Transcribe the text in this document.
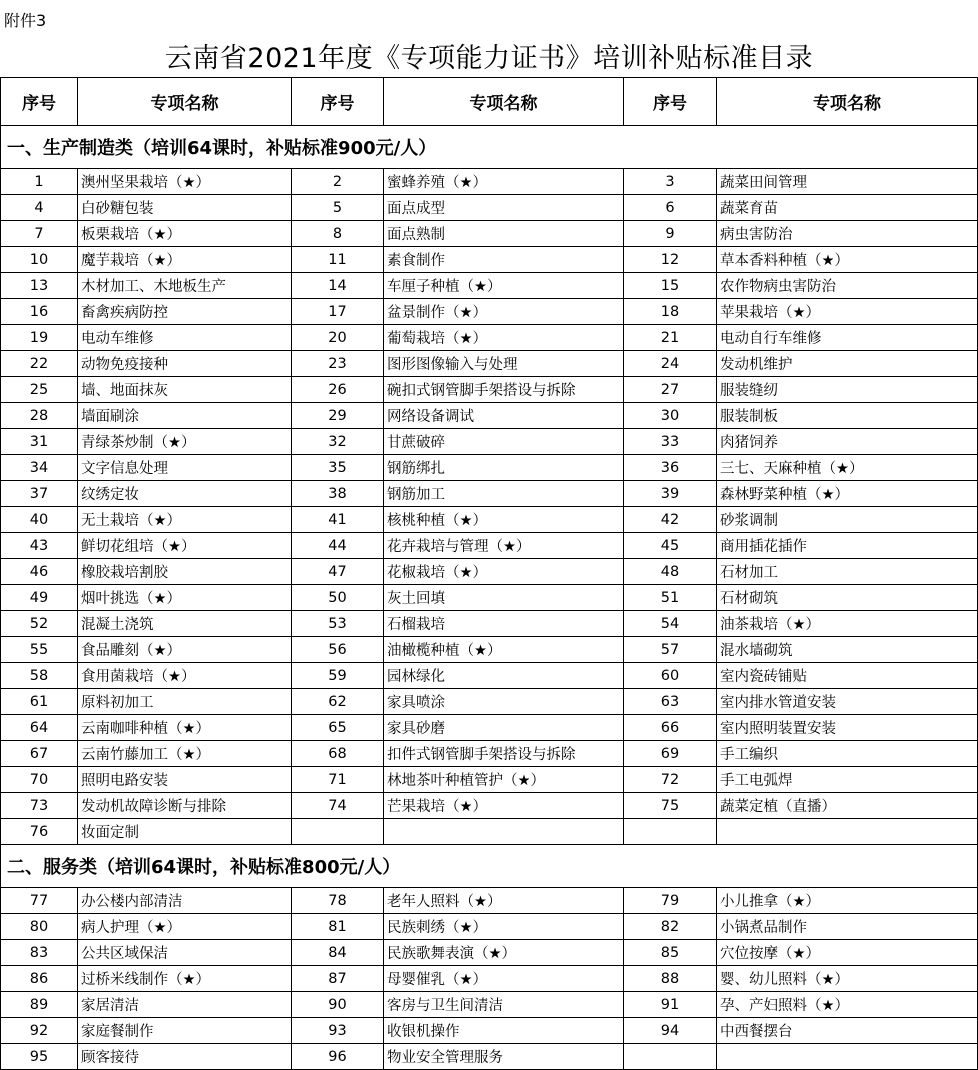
附件3
云南省2021年度《专项能力证书》培训补贴标准目录
序号	专项名称	序号	专项名称	序号	专项名称
一、生产制造类（培训64课时，补贴标准900元/人）					
1	澳州坚果栽培（★）	2	蜜蜂养殖（★）	3	蔬菜田间管理
4	白砂糖包装	5	面点成型	6	蔬菜育苗
7	板栗栽培（★）	8	面点熟制	9	病虫害防治
10	魔芋栽培（★）	11	素食制作	12	草本香料种植（★）
13	木材加工、木地板生产	14	车厘子种植（★）	15	农作物病虫害防治
16	畜禽疾病防控	17	盆景制作（★）	18	苹果栽培（★）
19	电动车维修	20	葡萄栽培（★）	21	电动自行车维修
22	动物免疫接种	23	图形图像输入与处理	24	发动机维护
25	墙、地面抹灰	26	碗扣式钢管脚手架搭设与拆除	27	服装缝纫
28	墙面刷涂	29	网络设备调试	30	服装制板
31	青绿茶炒制（★）	32	甘蔗破碎	33	肉猪饲养
34	文字信息处理	35	钢筋绑扎	36	三七、天麻种植（★）
37	纹绣定妆	38	钢筋加工	39	森林野菜种植（★）
40	无土栽培（★）	41	核桃种植（★）	42	砂浆调制
43	鲜切花组培（★）	44	花卉栽培与管理（★）	45	商用插花插作
46	橡胶栽培割胶	47	花椒栽培（★）	48	石材加工
49	烟叶挑选（★）	50	灰土回填	51	石材砌筑
52	混凝土浇筑	53	石榴栽培	54	油茶栽培（★）
55	食品雕刻（★）	56	油橄榄种植（★）	57	混水墙砌筑
58	食用菌栽培（★）	59	园林绿化	60	室内瓷砖铺贴
61	原料初加工	62	家具喷涂	63	室内排水管道安装
64	云南咖啡种植（★）	65	家具砂磨	66	室内照明装置安装
67	云南竹藤加工（★）	68	扣件式钢管脚手架搭设与拆除	69	手工编织
70	照明电路安装	71	林地茶叶种植管护（★）	72	手工电弧焊
73	发动机故障诊断与排除	74	芒果栽培（★）	75	蔬菜定植（直播）
76	妆面定制				
二、服务类（培训64课时，补贴标准800元/人）					
77	办公楼内部清洁	78	老年人照料（★）	79	小儿推拿（★）
80	病人护理（★）	81	民族刺绣（★）	82	小锅煮品制作
83	公共区域保洁	84	民族歌舞表演（★）	85	穴位按摩（★）
86	过桥米线制作（★）	87	母婴催乳（★）	88	婴、幼儿照料（★）
89	家居清洁	90	客房与卫生间清洁	91	孕、产妇照料（★）
92	家庭餐制作	93	收银机操作	94	中西餐摆台
95	顾客接待	96	物业安全管理服务		
